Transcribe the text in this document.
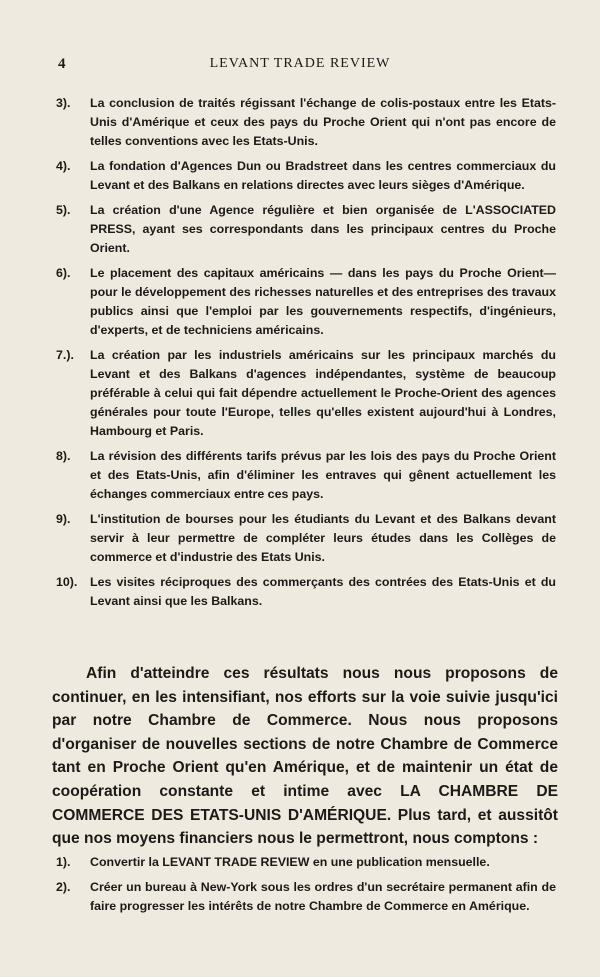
4	LEVANT TRADE REVIEW
3). La conclusion de traités régissant l'échange de colis-postaux entre les Etats-Unis d'Amérique et ceux des pays du Proche Orient qui n'ont pas encore de telles conventions avec les Etats-Unis.
4). La fondation d'Agences Dun ou Bradstreet dans les centres commerciaux du Levant et des Balkans en relations directes avec leurs sièges d'Amérique.
5). La création d'une Agence régulière et bien organisée de L'ASSOCIATED PRESS, ayant ses correspondants dans les principaux centres du Proche Orient.
6). Le placement des capitaux américains — dans les pays du Proche Orient— pour le développement des richesses naturelles et des entreprises des travaux publics ainsi que l'emploi par les gouvernements respectifs, d'ingénieurs, d'experts, et de techniciens américains.
7.). La création par les industriels américains sur les principaux marchés du Levant et des Balkans d'agences indépendantes, système de beaucoup préférable à celui qui fait dépendre actuellement le Proche-Orient des agences générales pour toute l'Europe, telles qu'elles existent aujourd'hui à Londres, Hambourg et Paris.
8). La révision des différents tarifs prévus par les lois des pays du Proche Orient et des Etats-Unis, afin d'éliminer les entraves qui gênent actuellement les échanges commerciaux entre ces pays.
9). L'institution de bourses pour les étudiants du Levant et des Balkans devant servir à leur permettre de compléter leurs études dans les Collèges de commerce et d'industrie des Etats Unis.
10). Les visites réciproques des commerçants des contrées des Etats-Unis et du Levant ainsi que les Balkans.
Afin d'atteindre ces résultats nous nous proposons de continuer, en les intensifiant, nos efforts sur la voie suivie jusqu'ici par notre Chambre de Commerce. Nous nous proposons d'organiser de nouvelles sections de notre Chambre de Commerce tant en Proche Orient qu'en Amérique, et de maintenir un état de coopération constante et intime avec LA CHAMBRE DE COMMERCE DES ETATS-UNIS D'AMÉRIQUE. Plus tard, et aussitôt que nos moyens financiers nous le permettront, nous comptons :
1). Convertir la LEVANT TRADE REVIEW en une publication mensuelle.
2). Créer un bureau à New-York sous les ordres d'un secrétaire permanent afin de faire progresser les intérêts de notre Chambre de Commerce en Amérique.
